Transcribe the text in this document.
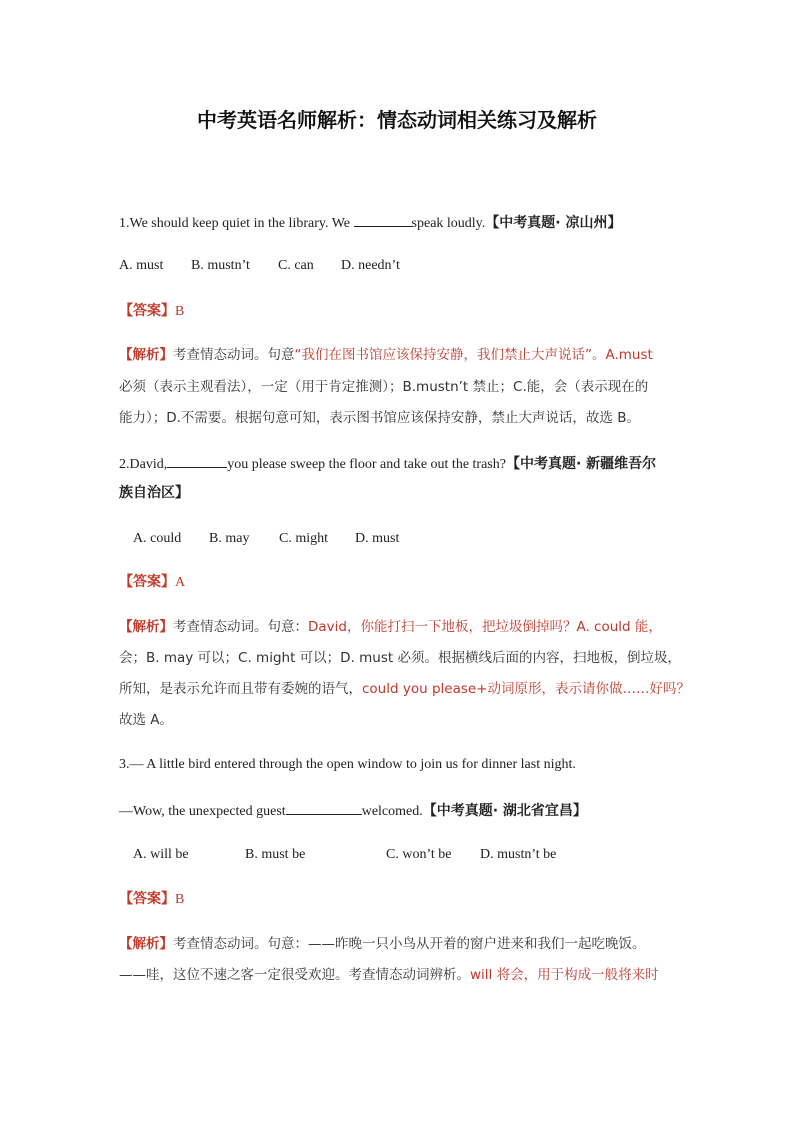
中考英语名师解析：情态动词相关练习及解析
1.We should keep quiet in the library. We	speak loudly.【中考真题· 凉山州】
A. must B. mustn’t C. can D. needn’t
【答案】B
【解析】考查情态动词。句意“我们在图书馆应该保持安静，我们禁止大声说话”。A.must
必须（表示主观看法），一定（用于肯定推测）；B.mustn’t 禁止；C.能，会（表示现在的
能力）；D.不需要。根据句意可知，表示图书馆应该保持安静，禁止大声说话，故选 B。
2.David,	you please sweep the floor and take out the trash?【中考真题· 新疆维吾尔
族自治区】
A. could B. may C. might D. must
【答案】A
【解析】考查情态动词。句意：David，你能打扫一下地板，把垃圾倒掉吗？A. could 能，
会；B. may 可以；C. might 可以；D. must 必须。根据横线后面的内容，扫地板，倒垃圾，
所知，是表示允许而且带有委婉的语气，could you please+动词原形，表示请你做……好吗？
故选 A。
3.— A little bird entered through the open window to join us for dinner last night.
—Wow, the unexpected guest	welcomed.【中考真题· 湖北省宜昌】
A. will be	B. must be	C. won’t be D. mustn’t be
【答案】B
【解析】考查情态动词。句意：——昨晚一只小鸟从开着的窗户进来和我们一起吃晚饭。
——哇，这位不速之客一定很受欢迎。考查情态动词辨析。will 将会，用于构成一般将来时
